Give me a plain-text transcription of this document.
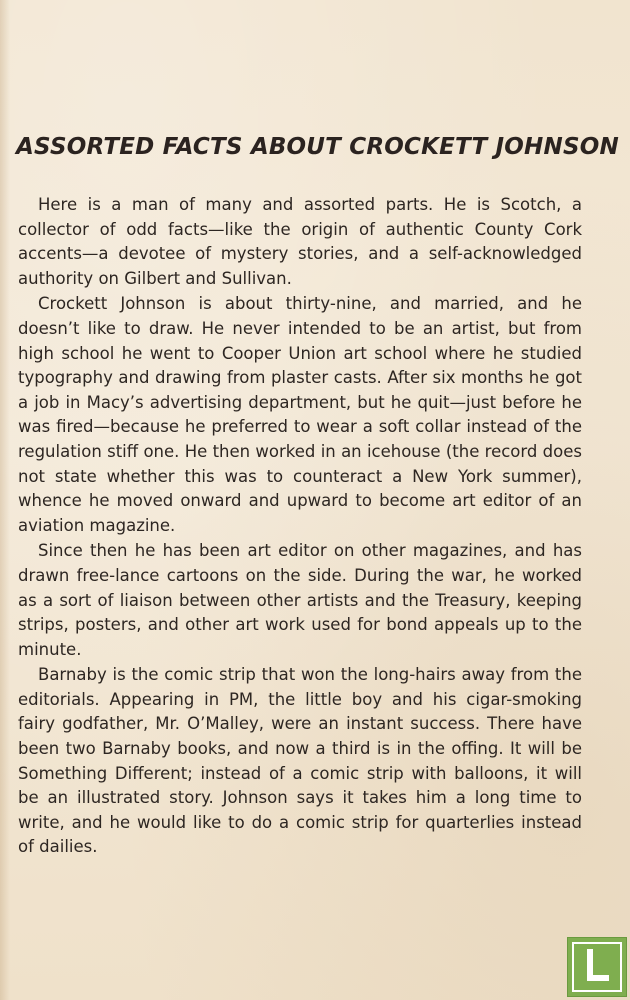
ASSORTED FACTS ABOUT CROCKETT JOHNSON

Here is a man of many and assorted parts. He is Scotch, a collector of odd facts—like the origin of authentic County Cork accents—a devotee of mystery stories, and a self-acknowledged authority on Gilbert and Sullivan.

Crockett Johnson is about thirty-nine, and married, and he doesn’t like to draw. He never intended to be an artist, but from high school he went to Cooper Union art school where he studied typography and drawing from plaster casts. After six months he got a job in Macy’s advertising department, but he quit—just before he was fired—because he preferred to wear a soft collar instead of the regulation stiff one. He then worked in an icehouse (the record does not state whether this was to counteract a New York summer), whence he moved onward and upward to become art editor of an aviation magazine.

Since then he has been art editor on other magazines, and has drawn free-lance cartoons on the side. During the war, he worked as a sort of liaison between other artists and the Treasury, keeping strips, posters, and other art work used for bond appeals up to the minute.

Barnaby is the comic strip that won the long-hairs away from the editorials. Appearing in PM, the little boy and his cigar-smoking fairy godfather, Mr. O’Malley, were an instant success. There have been two Barnaby books, and now a third is in the offing. It will be Something Different; instead of a comic strip with balloons, it will be an illustrated story. Johnson says it takes him a long time to write, and he would like to do a comic strip for quarterlies instead of dailies.
